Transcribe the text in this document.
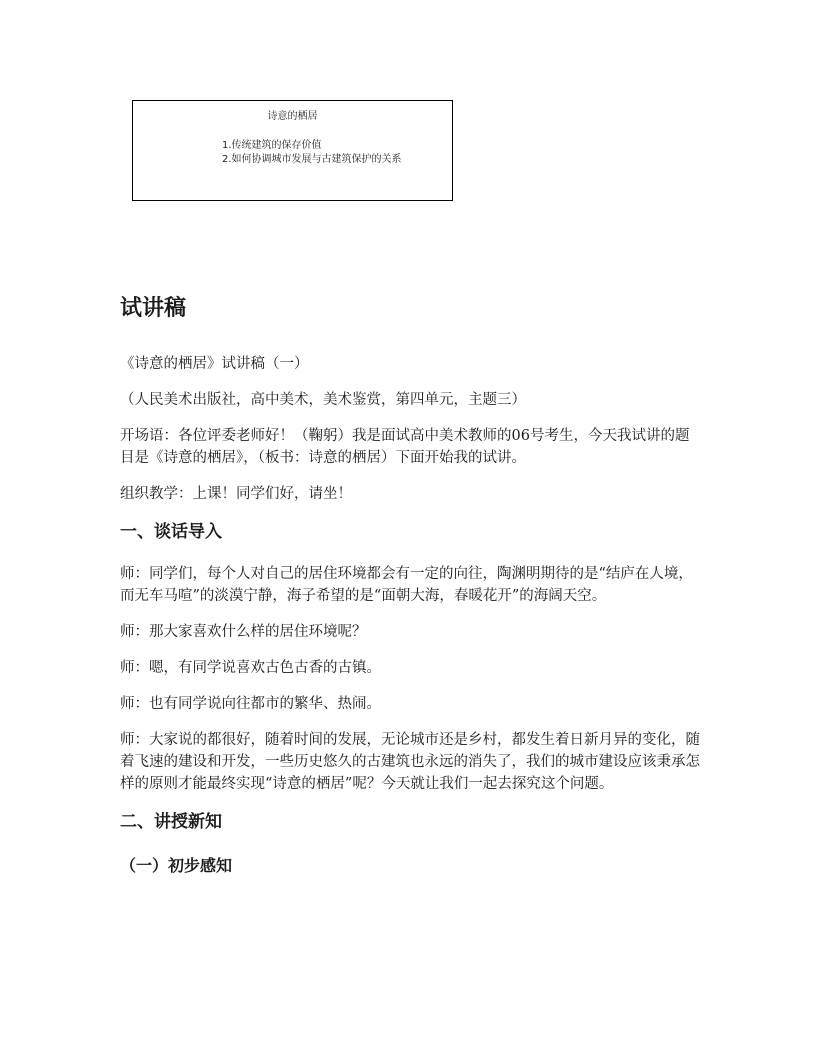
诗意的栖居
1.传统建筑的保存价值
2.如何协调城市发展与古建筑保护的关系
试讲稿
《诗意的栖居》试讲稿（一）
（人民美术出版社，高中美术，美术鉴赏，第四单元，主题三）
开场语：各位评委老师好！（鞠躬）我是面试高中美术教师的06号考生，今天我试讲的题目是《诗意的栖居》，（板书：诗意的栖居）下面开始我的试讲。
组织教学：上课！同学们好，请坐！
一、谈话导入
师：同学们，每个人对自己的居住环境都会有一定的向往，陶渊明期待的是“结庐在人境，而无车马喧”的淡漠宁静，海子希望的是“面朝大海，春暖花开”的海阔天空。
师：那大家喜欢什么样的居住环境呢？
师：嗯，有同学说喜欢古色古香的古镇。
师：也有同学说向往都市的繁华、热闹。
师：大家说的都很好，随着时间的发展，无论城市还是乡村，都发生着日新月异的变化，随着飞速的建设和开发，一些历史悠久的古建筑也永远的消失了，我们的城市建设应该秉承怎样的原则才能最终实现“诗意的栖居”呢？今天就让我们一起去探究这个问题。
二、讲授新知
（一）初步感知
